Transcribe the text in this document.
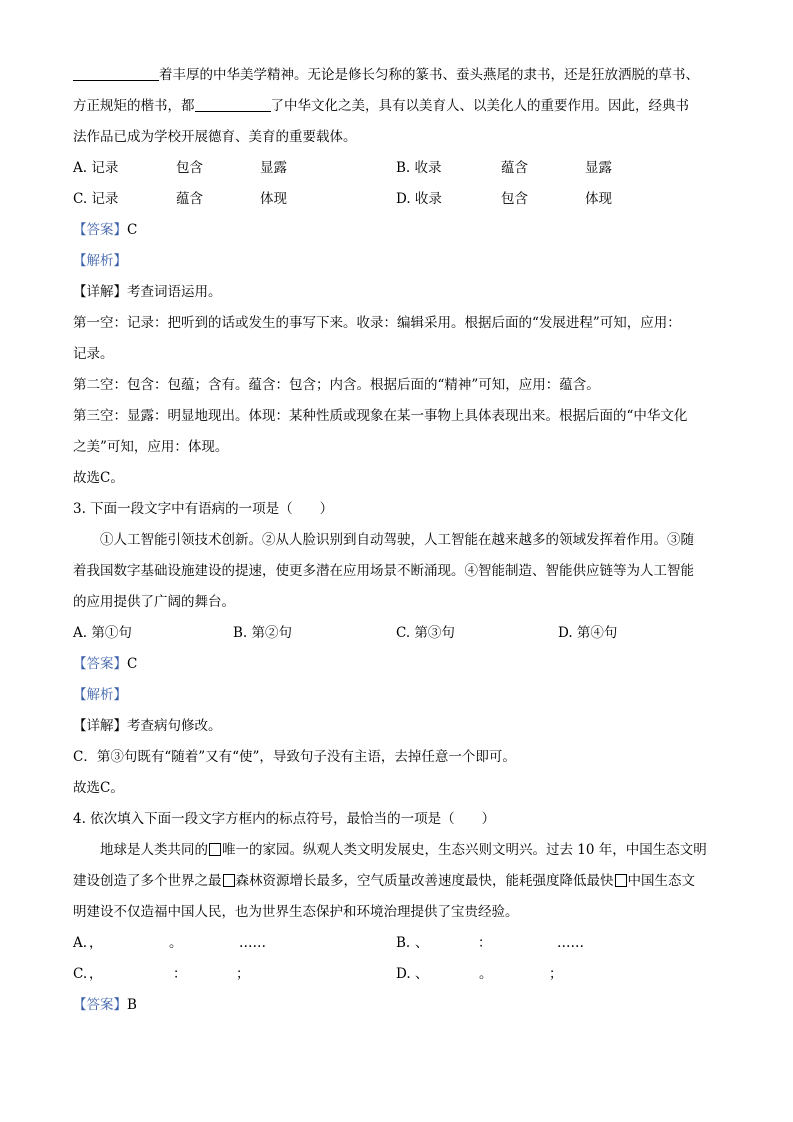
着丰厚的中华美学精神。无论是修长匀称的篆书、蚕头燕尾的隶书，还是狂放洒脱的草书、
方正规矩的楷书，都	了中华文化之美，具有以美育人、以美化人的重要作用。因此，经典书
法作品已成为学校开展德育、美育的重要载体。
A. 记录	包含	显露	B. 收录	蕴含	显露
C. 记录	蕴含	体现	D. 收录	包含	体现
【答案】C
【解析】
【详解】考查词语运用。
第一空：记录：把听到的话或发生的事写下来。收录：编辑采用。根据后面的“发展进程”可知，应用：
记录。
第二空：包含：包蕴；含有。蕴含：包含；内含。根据后面的“精神”可知，应用：蕴含。
第三空：显露：明显地现出。体现：某种性质或现象在某一事物上具体表现出来。根据后面的“中华文化
之美”可知，应用：体现。
故选C。
3. 下面一段文字中有语病的一项是（　　）
①人工智能引领技术创新。②从人脸识别到自动驾驶，人工智能在越来越多的领域发挥着作用。③随
着我国数字基础设施建设的提速，使更多潜在应用场景不断涌现。④智能制造、智能供应链等为人工智能
的应用提供了广阔的舞台。
A. 第①句	B. 第②句	C. 第③句	D. 第④句
【答案】C
【解析】
【详解】考查病句修改。
C．第③句既有“随着”又有“使”，导致句子没有主语，去掉任意一个即可。
故选C。
4. 依次填入下面一段文字方框内的标点符号，最恰当的一项是（　　）
地球是人类共同的 唯一的家园。纵观人类文明发展史，生态兴则文明兴。过去 10 年，中国生态文明
建设创造了多个世界之最 森林资源增长最多，空气质量改善速度最快，能耗强度降低最快 中国生态文
明建设不仅造福中国人民，也为世界生态保护和环境治理提供了宝贵经验。
A. ，	。	……	B. 、	：	……
C. ，	：	；	D. 、	。	；
【答案】B
